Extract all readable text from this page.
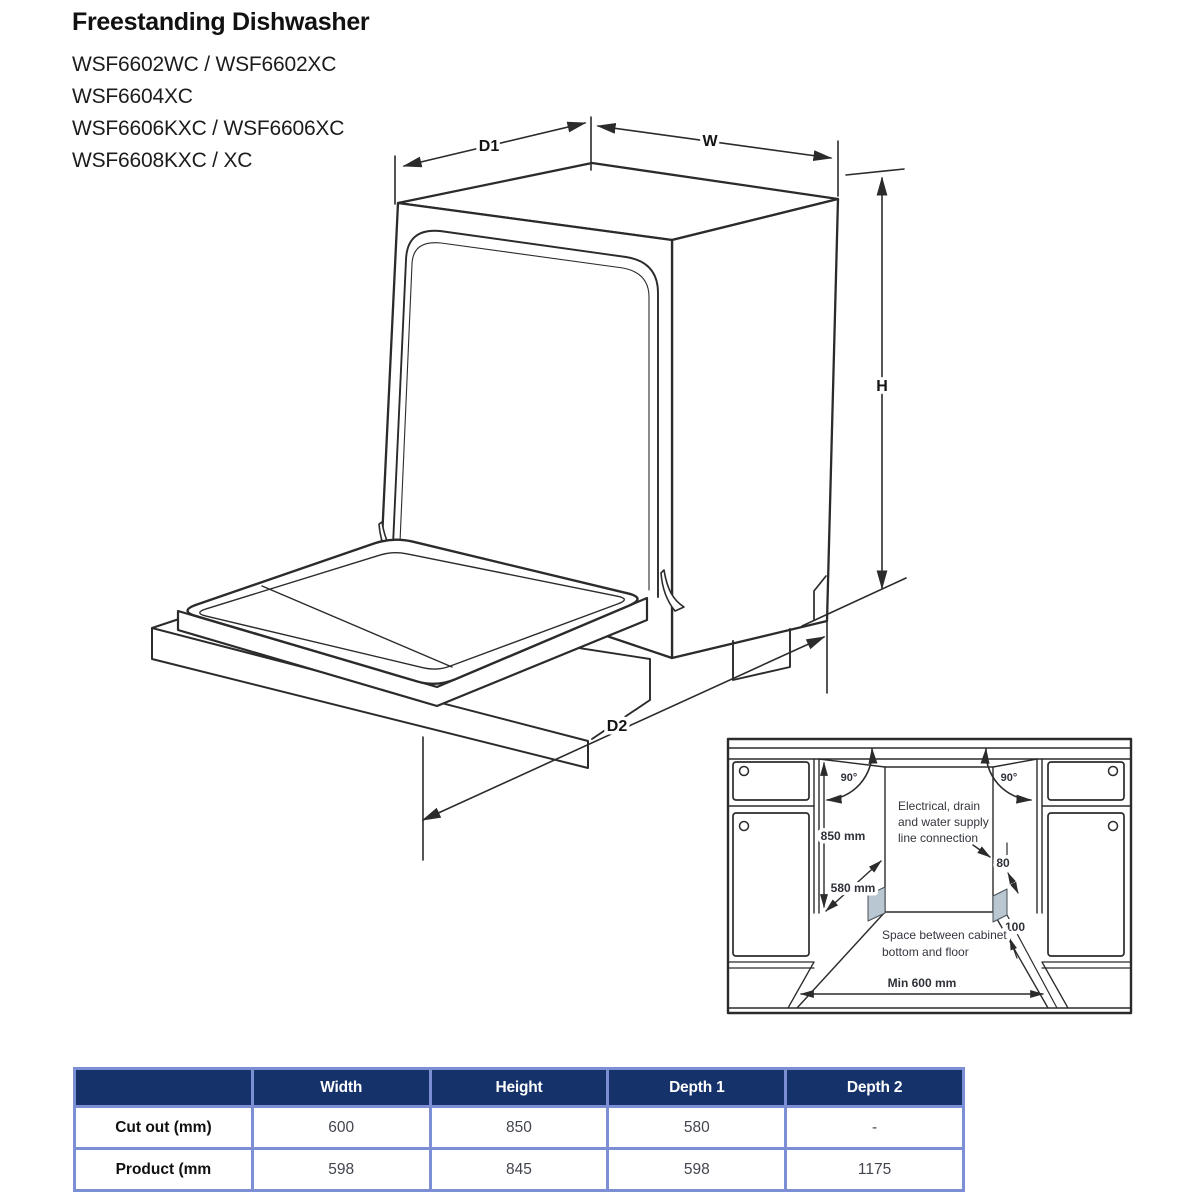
Freestanding Dishwasher
WSF6602WC / WSF6602XC
WSF6604XC
WSF6606KXC / WSF6606XC
WSF6608KXC / XC
D1	W
H
D2
90°	90°
850 mm
580 mm
80
100
Min 600 mm
Electrical, drain
and water supply
line connection
Space between cabinet
bottom and floor
	Width	Height	Depth 1	Depth 2
Cut out (mm)	600	850	580	-
Product (mm	598	845	598	1175
